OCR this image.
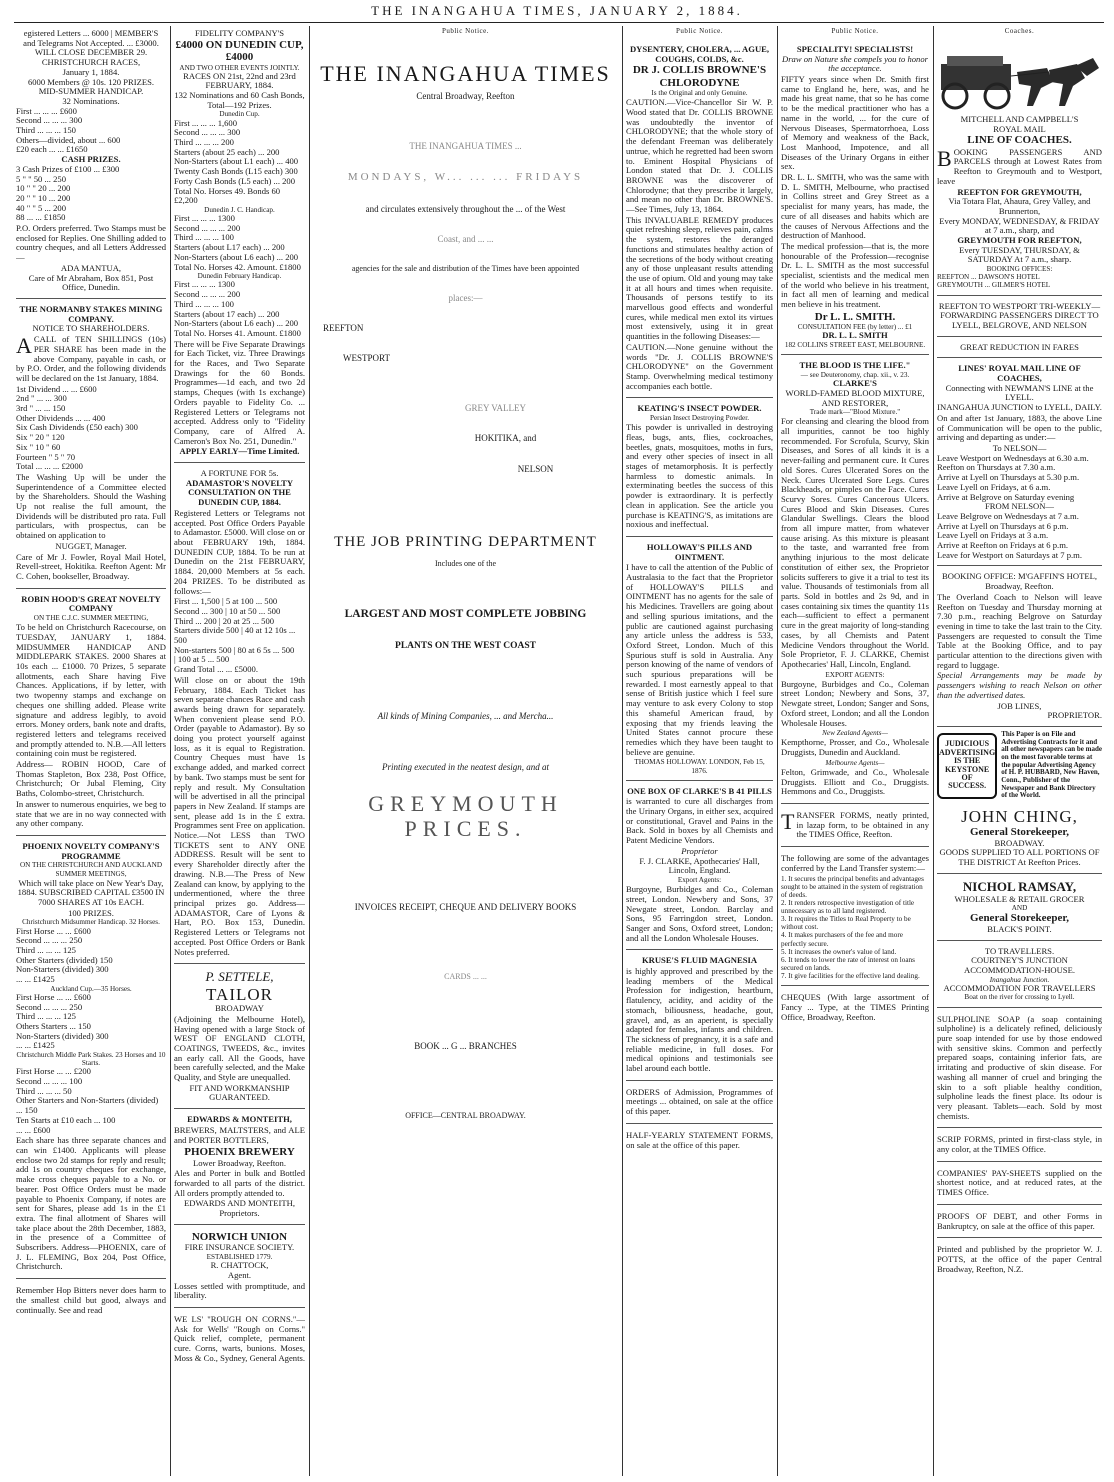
THE INANGAHUA TIMES, JANUARY 2, 1884.
egistered Letters ... 6000 | MEMBER'S
and Telegrams Not Accepted. ... £3000.
WILL CLOSE DECEMBER 29.
CHRISTCHURCH RACES,
January 1, 1884.
6000 Members @ 10s. 120 PRIZES.
MID-SUMMER HANDICAP.
32 Nominations.
First ... ... ... £600
Second ... ... ... 300
Third ... ... ... 150
Others—divided, about ... 600
£20 each ... ... £1650
CASH PRIZES.
3 Cash Prizes of £100 ... £300
5 " " 50 ... 250
10 " " 20 ... 200
20 " " 10 ... 200
40 " " 5 ... 200
88 ... ... £1850

P.O. Orders preferred. Two Stamps must be enclosed for Replies. One Shilling added to country cheques, and all Letters Addressed—

ADA MANTUA,
Care of Mr Abraham, Box 851, Post Office, Dunedin.
THE NORMANBY STAKES MINING COMPANY.
NOTICE TO SHAREHOLDERS.

ACALL of TEN SHILLINGS (10s) PER SHARE has been made in the above Company, payable in cash, or by P.O. Order, and the following dividends will be declared on the 1st January, 1884.

1st Dividend ... ... £600
2nd " ... ... 300
3rd " ... ... 150
Other Dividends ... ... 400
Six Cash Dividends (£50 each) 300
Six " 20 " 120
Six " 10 " 60
Fourteen " 5 " 70
Total ... ... ... £2000

The Washing Up will be under the Superintendence of a Committee elected by the Shareholders. Should the Washing Up not realise the full amount, the Dividends will be distributed pro rata. Full particulars, with prospectus, can be obtained on application to

NUGGET, Manager.

Care of Mr J. Fowler, Royal Mail Hotel, Revell-street, Hokitika. Reefton Agent: Mr C. Cohen, bookseller, Broadway.

ROBIN HOOD'S GREAT NOVELTY COMPANY
ON THE C.J.C. SUMMER MEETING,

To be held on Christchurch Racecourse, on TUESDAY, JANUARY 1, 1884. MIDSUMMER HANDICAP AND MIDDLEPARK STAKES. 2000 Shares at 10s each ... £1000. 70 Prizes, 5 separate allotments, each Share having Five Chances. Applications, if by letter, with two twopenny stamps and exchange on cheques one shilling added. Please write signature and address legibly, to avoid errors. Money orders, bank note and drafts, registered letters and telegrams received and promptly attended to. N.B.—All letters containing coin must be registered.

Address— ROBIN HOOD, Care of Thomas Stapleton, Box 238, Post Office, Christchurch; Or Jubal Fleming, City Baths, Colombo-street, Christchurch.

In answer to numerous enquiries, we beg to state that we are in no way connected with any other company.

PHOENIX NOVELTY COMPANY'S PROGRAMME
ON THE CHRISTCHURCH AND AUCKLAND SUMMER MEETINGS,

Which will take place on New Year's Day, 1884. SUBSCRIBED CAPITAL £3500 IN 7000 SHARES AT 10s EACH.

100 PRIZES.
Christchurch Midsummer Handicap. 32 Horses.
First Horse ... ... £600
Second ... ... ... 250
Third ... ... ... 125
Other Starters (divided) 150
Non-Starters (divided) 300
... ... £1425
Auckland Cup.—35 Horses.
First Horse ... ... £600
Second ... ... ... 250
Third ... ... ... 125
Others Starters ... 150
Non-Starters (divided) 300
... ... £1425
Christchurch Middle Park Stakes. 23 Horses and 10 Starts.
First Horse ... ... £200
Second ... ... ... 100
Third ... ... ... 50
Other Starters and Non-Starters (divided) ... 150
Ten Starts at £10 each ... 100
... ... £600

Each share has three separate chances and can win £1400. Applicants will please enclose two 2d stamps for reply and result; add 1s on country cheques for exchange, make cross cheques payable to a No. or bearer. Post Office Orders must be made payable to Phoenix Company, if notes are sent for Shares, please add 1s in the £1 extra. The final allotment of Shares will take place about the 28th December, 1883, in the presence of a Committee of Subscribers. Address—PHOENIX, care of J. L. FLEMING, Box 204, Post Office, Christchurch.

Remember Hop Bitters never does harm to the smallest child but good, always and continually. See and read

FIDELITY COMPANY'S
£4000 ON DUNEDIN CUP, £4000
AND TWO OTHER EVENTS JOINTLY.
RACES ON 21st, 22nd and 23rd FEBRUARY, 1884.
132 Nominations and 60 Cash Bonds, Total—192 Prizes.
Dunedin Cup.
First ... ... ... 1,600
Second ... ... ... 300
Third ... ... ... 200
Starters (about 25 each) ... 200
Non-Starters (about L1 each) ... 400
Twenty Cash Bonds (L15 each) 300
Forty Cash Bonds (L5 each) ... 200
Total No. Horses 49. Bonds 60 £2,200
Dunedin J. C. Handicap.
First ... ... ... 1300
Second ... ... ... 200
Third ... ... ... 100
Starters (about L17 each) ... 200
Non-Starters (about L6 each) ... 200
Total No. Horses 42. Amount. £1800
Dunedin February Handicap.
First ... ... ... 1300
Second ... ... ... 200
Third ... ... ... 100
Starters (about 17 each) ... 200
Non-Starters (about L6 each) ... 200
Total No. Horses 41. Amount. £1800

There will be Five Separate Drawings for Each Ticket, viz. Three Drawings for the Races, and Two Separate Drawings for the 60 Bonds. Programmes—1d each, and two 2d stamps, Cheques (with 1s exchange) Orders payable to Fidelity Co. ... Registered Letters or Telegrams not accepted. Address only to "Fidelity Company, care of Alfred A. Cameron's Box No. 251, Dunedin."

APPLY EARLY—Time Limited.
A FORTUNE FOR 5s.
ADAMASTOR'S NOVELTY CONSULTATION ON THE DUNEDIN CUP, 1884.

Registered Letters or Telegrams not accepted. Post Office Orders Payable to Adamastor. £5000. Will close on or about FEBRUARY 19th, 1884. DUNEDIN CUP, 1884. To be run at Dunedin on the 21st FEBRUARY, 1884. 20,000 Members at 5s each. 204 PRIZES. To be distributed as follows:—

First ... 1,500 | 5 at 100 ... 500
Second ... 300 | 10 at 50 ... 500
Third ... 200 | 20 at 25 ... 500
Starters divide 500 | 40 at 12 10s ... 500
Non-starters 500 | 80 at 6 5s ... 500
| 100 at 5 ... 500
Grand Total ... ... £5000.

Will close on or about the 19th February, 1884. Each Ticket has seven separate chances Race and cash awards being drawn for separately. When convenient please send P.O. Order (payable to Adamastor). By so doing you protect yourself against loss, as it is equal to Registration. Country Cheques must have 1s exchange added, and marked correct by bank. Two stamps must be sent for reply and result. My Consultation will be advertised in all the principal papers in New Zealand. If stamps are sent, please add 1s in the £ extra. Programmes sent Free on application. Notice.—Not LESS than TWO TICKETS sent to ANY ONE ADDRESS. Result will be sent to every Shareholder directly after the drawing. N.B.—The Press of New Zealand can know, by applying to the undermentioned, where the three principal prizes go. Address—ADAMASTOR, Care of Lyons & Hart, P.O. Box 153, Dunedin. Registered Letters or Telegrams not accepted. Post Office Orders or Bank Notes preferred.

P. SETTELE,
TAILOR
BROADWAY

(Adjoining the Melbourne Hotel), Having opened with a large Stock of WEST OF ENGLAND CLOTH, COATINGS, TWEEDS, &c., invites an early call. All the Goods, have been carefully selected, and the Make Quality, and Style are unequalled.

FIT AND WORKMANSHIP GUARANTEED.
EDWARDS & MONTEITH,

BREWERS, MALTSTERS, and ALE and PORTER BOTTLERS,

PHOENIX BREWERY
Lower Broadway, Reefton.

Ales and Porter in bulk and Bottled forwarded to all parts of the district. All orders promptly attended to.

EDWARDS AND MONTEITH, Proprietors.
NORWICH UNION
FIRE INSURANCE SOCIETY.
ESTABLISHED 1779.
R. CHATTOCK,
Agent.

Losses settled with promptitude, and liberality.

WE LS' "ROUGH ON CORNS."—Ask for Wells' "Rough on Corns." Quick relief, complete, permanent cure. Corns, warts, bunions. Moses, Moss & Co., Sydney, General Agents.

Public Notice.
THE INANGAHUA TIMES
Central Broadway, Reefton
THE INANGAHUA TIMES ...
MONDAYS, W... ... ... FRIDAYS
and circulates extensively throughout the ... of the West
Coast, and ... ...
agencies for the sale and distribution of the Times have been appointed
places:—
REEFTON
WESTPORT
GREY VALLEY
HOKITIKA, and
NELSON
THE JOB PRINTING DEPARTMENT
Includes one of the
LARGEST AND MOST COMPLETE JOBBING
PLANTS ON THE WEST COAST
All kinds of Mining Companies, ... and Mercha...
Printing executed in the neatest design, and at
GREYMOUTH PRICES.
INVOICES RECEIPT, CHEQUE AND DELIVERY BOOKS
CARDS ... ...
BOOK ... G ... BRANCHES
OFFICE—CENTRAL BROADWAY.
Public Notice.
DYSENTERY, CHOLERA, ... AGUE, COUGHS, COLDS, &c.
DR J. COLLIS BROWNE'S CHLORODYNE
Is the Original and only Genuine.

CAUTION.—Vice-Chancellor Sir W. P. Wood stated that Dr. COLLIS BROWNE was undoubtedly the inventor of CHLORODYNE; that the whole story of the defendant Freeman was deliberately untrue, which he regretted had been sworn to. Eminent Hospital Physicians of London stated that Dr. J. COLLIS BROWNE was the discoverer of Chlorodyne; that they prescribe it largely, and mean no other than Dr. BROWNE'S.—See Times, July 13, 1864.

This INVALUABLE REMEDY produces quiet refreshing sleep, relieves pain, calms the system, restores the deranged functions and stimulates healthy action of the secretions of the body without creating any of those unpleasant results attending the use of opium. Old and young may take it at all hours and times when requisite. Thousands of persons testify to its marvellous good effects and wonderful cures, while medical men extol its virtues most extensively, using it in great quantities in the following Diseases:—

CAUTION.—None genuine without the words "Dr. J. COLLIS BROWNE'S CHLORODYNE" on the Government Stamp. Overwhelming medical testimony accompanies each bottle.

KEATING'S INSECT POWDER.
Persian Insect Destroying Powder.

This powder is unrivalled in destroying fleas, bugs, ants, flies, cockroaches, beetles, gnats, mosquitoes, moths in furs, and every other species of insect in all stages of metamorphosis. It is perfectly harmless to domestic animals. In exterminating beetles the success of this powder is extraordinary. It is perfectly clean in application. See the article you purchase is KEATING'S, as imitations are noxious and ineffectual.

HOLLOWAY'S PILLS AND OINTMENT.

I have to call the attention of the Public of Australasia to the fact that the Proprietor of HOLLOWAY'S PILLS and OINTMENT has no agents for the sale of his Medicines. Travellers are going about and selling spurious imitations, and the public are cautioned against purchasing any article unless the address is 533, Oxford Street, London. Much of this Spurious stuff is sold in Australia. Any person knowing of the name of vendors of such spurious preparations will be rewarded. I most earnestly appeal to that sense of British justice which I feel sure may venture to ask every Colony to stop this shameful American fraud, by exposing that my friends leaving the United States cannot procure these remedies which they have been taught to believe are genuine.

THOMAS HOLLOWAY. LONDON, Feb 15, 1876.
ONE BOX OF CLARKE'S B 41 PILLS

is warranted to cure all discharges from the Urinary Organs, in either sex, acquired or constitutional, Gravel and Pains in the Back. Sold in boxes by all Chemists and Patent Medicine Vendors.

Proprietor
F. J. CLARKE, Apothecaries' Hall, Lincoln, England.
Export Agents:

Burgoyne, Burbidges and Co., Coleman street, London. Newbery and Sons, 37 Newgate street, London. Barclay and Sons, 95 Farringdon street, London. Sanger and Sons, Oxford street, London; and all the London Wholesale Houses.

KRUSE'S FLUID MAGNESIA

is highly approved and prescribed by the leading members of the Medical Profession for indigestion, heartburn, flatulency, acidity, and acidity of the stomach, biliousness, headache, gout, gravel, and, as an aperient, is specially adapted for females, infants and children. The sickness of pregnancy, it is a safe and reliable medicine, in full doses. For medical opinions and testimonials see label around each bottle.

ORDERS of Admission, Programmes of meetings ... obtained, on sale at the office of this paper.

HALF-YEARLY STATEMENT FORMS, on sale at the office of this paper.

Public Notice.
SPECIALITY! SPECIALISTS!
Draw on Nature she compels you to honor the acceptance.

FIFTY years since when Dr. Smith first came to England he, here, was, and he made his great name, that so he has come to be the medical practitioner who has a name in the world, ... for the cure of Nervous Diseases, Spermatorrhoea, Loss of Memory and weakness of the Back, Lost Manhood, Impotence, and all Diseases of the Urinary Organs in either sex.

DR. L. L. SMITH, who was the same with D. L. SMITH, Melbourne, who practised in Collins street and Grey Street as a specialist for many years, has made, the cure of all diseases and habits which are the causes of Nervous Affections and the destruction of Manhood.

The medical profession—that is, the more honourable of the Profession—recognise Dr. L. L. SMITH as the most successful specialist, scientists and the medical men of the world who believe in his treatment, in fact all men of learning and medical men believe in his treatment.

Dr L. L. SMITH.
CONSULTATION FEE (by letter) ... £1
DR. L. L. SMITH
182 COLLINS STREET EAST, MELBOURNE.
THE BLOOD IS THE LIFE."
— see Deuteronomy, chap. xii., v. 23.
CLARKE'S
WORLD-FAMED BLOOD MIXTURE,
AND RESTORER,
Trade mark—"Blood Mixture."

For cleansing and clearing the blood from all impurities, cannot be too highly recommended. For Scrofula, Scurvy, Skin Diseases, and Sores of all kinds it is a never-failing and permanent cure. It Cures old Sores. Cures Ulcerated Sores on the Neck. Cures Ulcerated Sore Legs. Cures Blackheads, or pimples on the Face. Cures Scurvy Sores. Cures Cancerous Ulcers. Cures Blood and Skin Diseases. Cures Glandular Swellings. Clears the blood from all impure matter, from whatever cause arising. As this mixture is pleasant to the taste, and warranted free from anything injurious to the most delicate constitution of either sex, the Proprietor solicits sufferers to give it a trial to test its value. Thousands of testimonials from all parts. Sold in bottles and 2s 9d, and in cases containing six times the quantity 11s each—sufficient to effect a permanent cure in the great majority of long-standing cases, by all Chemists and Patent Medicine Vendors throughout the World. Sole Proprietor, F. J. CLARKE, Chemist Apothecaries' Hall, Lincoln, England.

EXPORT AGENTS:

Burgoyne, Burbidges and Co., Coleman street London; Newbery and Sons, 37, Newgate street, London; Sanger and Sons, Oxford street, London; and all the London Wholesale Houses.

New Zealand Agents—

Kempthorne, Prosser, and Co., Wholesale Druggists, Dunedin and Auckland.

Melbourne Agents—

Felton, Grimwade, and Co., Wholesale Druggists. Elliott and Co., Druggists. Hemmons and Co., Druggists.

TRANSFER FORMS, neatly printed, in lazap form, to be obtained in any the TIMES Office, Reefton.

The following are some of the advantages conferred by the Land Transfer system:—

1. It secures the principal benefits and advantages sought to be attained in the system of registration of deeds.
2. It renders retrospective investigation of title unnecessary as to all land registered.
3. It requires the Titles to Real Property to be without cost.
4. It makes purchasers of the fee and more perfectly secure.
5. It increases the owner's value of land.
6. It tends to lower the rate of interest on loans secured on lands.
7. It give facilities for the effective land dealing.

CHEQUES (With large assortment of Fancy ... Type, at the TIMES Printing Office, Broadway, Reefton.

Coaches.
MITCHELL AND CAMPBELL'S
ROYAL MAIL
LINE OF COACHES.

BOOKING PASSENGERS AND PARCELS through at Lowest Rates from Reefton to Greymouth and to Westport, leave

REEFTON FOR GREYMOUTH,
Via Totara Flat, Ahaura, Grey Valley, and Brunnerton,
Every MONDAY, WEDNESDAY, & FRIDAY at 7 a.m., sharp, and
GREYMOUTH FOR REEFTON,
Every TUESDAY, THURSDAY, & SATURDAY At 7 a.m., sharp.
BOOKING OFFICES:
REEFTON ... DAWSON'S HOTEL
GREYMOUTH ... GILMER'S HOTEL
REEFTON TO WESTPORT TRI-WEEKLY—FORWARDING PASSENGERS DIRECT TO LYELL, BELGROVE, AND NELSON
GREAT REDUCTION IN FARES
LINES' ROYAL MAIL LINE OF COACHES,
Connecting with NEWMAN'S LINE at the LYELL.
INANGAHUA JUNCTION to LYELL, DAILY.

On and after 1st January, 1883, the above Line of Communication will be open to the public, arriving and departing as under:—

To NELSON—
Leave Westport on Wednesdays at 6.30 a.m.
Reefton on Thursdays at 7.30 a.m.
Arrive at Lyell on Thursdays at 5.30 p.m.
Leave Lyell on Fridays, at 6 a.m.
Arrive at Belgrove on Saturday evening
FROM NELSON—
Leave Belgrove on Wednesdays at 7 a.m.
Arrive at Lyell on Thursdays at 6 p.m.
Leave Lyell on Fridays at 3 a.m.
Arrive at Reefton on Fridays at 6 p.m.
Leave for Westport on Saturdays at 7 p.m.
BOOKING OFFICE: M'GAFFIN'S HOTEL,
Broadway, Reefton.

The Overland Coach to Nelson will leave Reefton on Tuesday and Thursday morning at 7.30 p.m., reaching Belgrove on Saturday evening in time to take the last train to the City. Passengers are requested to consult the Time Table at the Booking Office, and to pay particular attention to the directions given with regard to luggage.

Special Arrangements may be made by passengers wishing to reach Nelson on other than the advertised dates.

JOB LINES,
PROPRIETOR.
JUDICIOUS
ADVERTISING
IS THE
KEYSTONE
OF
SUCCESS.
This Paper is on File and Advertising Contracts for it and all other newspapers can be made on the most favorable terms at the popular Advertising Agency of H. P. HUBBARD, New Haven, Conn., Publisher of the Newspaper and Bank Directory of the World.
JOHN CHING,
General Storekeeper,
BROADWAY.
GOODS SUPPLIED TO ALL PORTIONS OF THE DISTRICT At Reefton Prices.
NICHOL RAMSAY,
WHOLESALE & RETAIL GROCER
AND
General Storekeeper,
BLACK'S POINT.
TO TRAVELLERS.
COURTNEY'S JUNCTION ACCOMMODATION-HOUSE.
Inangahua Junction.
ACCOMMODATION FOR TRAVELLERS
Boat on the river for crossing to Lyell.

SULPHOLINE SOAP (a soap containing sulpholine) is a delicately refined, deliciously pure soap intended for use by those endowed with sensitive skins. Common and perfectly prepared soaps, containing inferior fats, are irritating and productive of skin disease. For washing all manner of cruel and bringing the skin to a soft pliable healthy condition, sulpholine leads the finest place. Its odour is very pleasant. Tablets—each. Sold by most chemists.

SCRIP FORMS, printed in first-class style, in any color, at the TIMES Office.

COMPANIES' PAY-SHEETS supplied on the shortest notice, and at reduced rates, at the TIMES Office.

PROOFS OF DEBT, and other Forms in Bankruptcy, on sale at the office of this paper.

Printed and published by the proprietor W. J. POTTS, at the office of the paper Central Broadway, Reefton, N.Z.
